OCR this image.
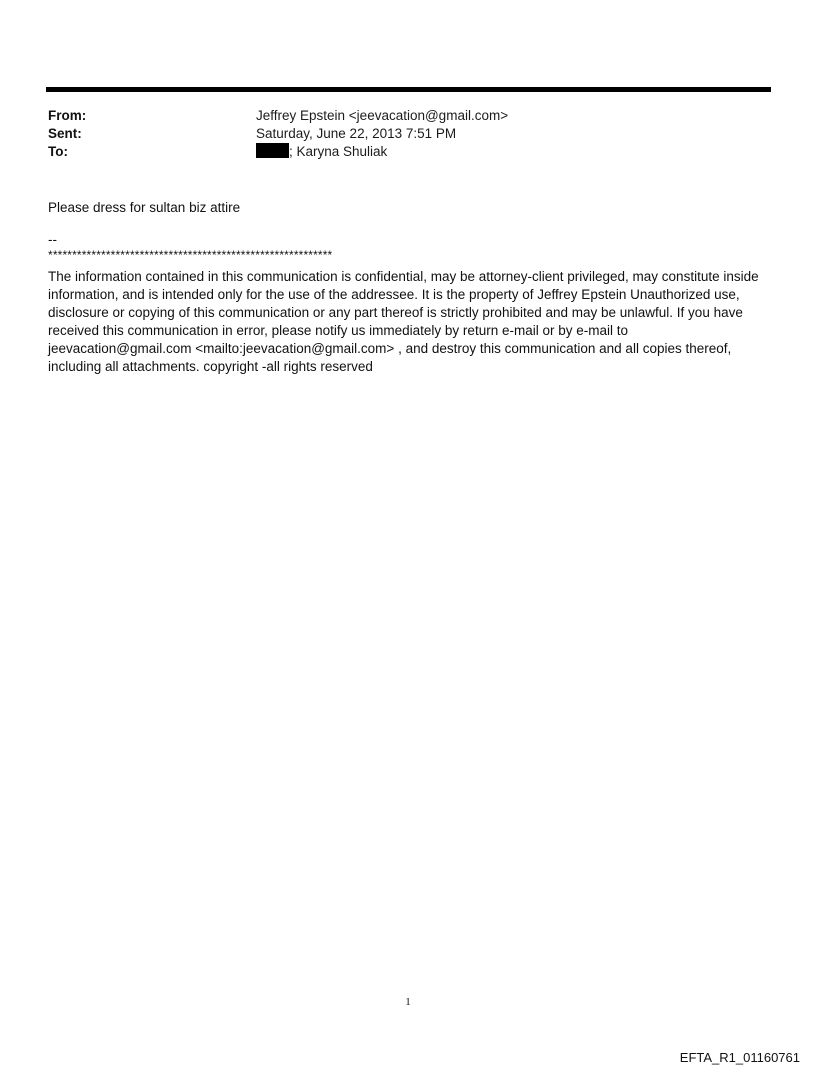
From:	Jeffrey Epstein <jeevacation@gmail.com>
Sent:	Saturday, June 22, 2013 7:51 PM
To:	; Karyna Shuliak
Please dress for sultan biz attire
--
***********************************************************
The information contained in this communication is confidential, may be attorney-client privileged, may constitute inside information, and is intended only for the use of the addressee. It is the property of Jeffrey Epstein Unauthorized use, disclosure or copying of this communication or any part thereof is strictly prohibited and may be unlawful. If you have received this communication in error, please notify us immediately by return e-mail or by e-mail to jeevacation@gmail.com <mailto:jeevacation@gmail.com> , and destroy this communication and all copies thereof, including all attachments. copyright -all rights reserved
1
EFTA_R1_01160761
